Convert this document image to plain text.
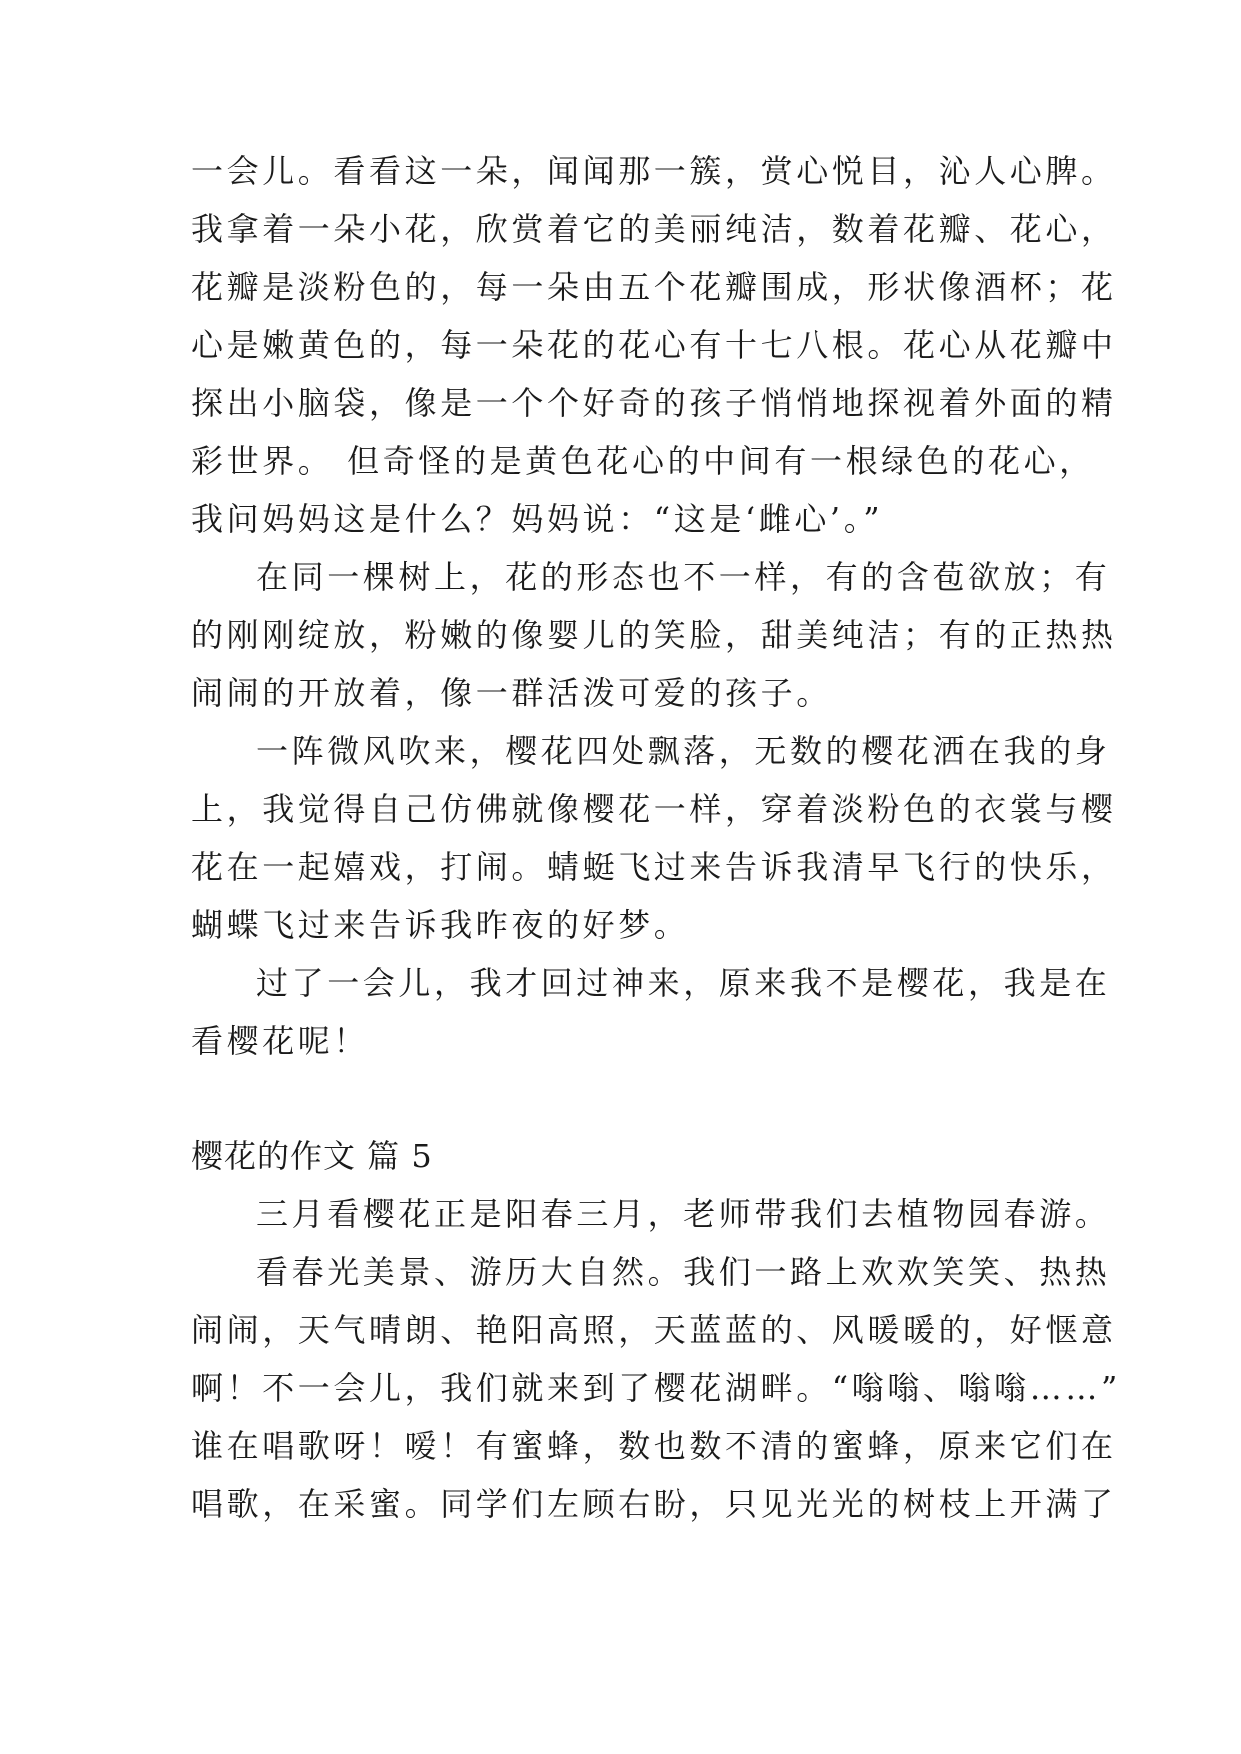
一会儿。看看这一朵，闻闻那一簇，赏心悦目，沁人心脾。
我拿着一朵小花，欣赏着它的美丽纯洁，数着花瓣、花心，
花瓣是淡粉色的，每一朵由五个花瓣围成，形状像酒杯；花
心是嫩黄色的，每一朵花的花心有十七八根。花心从花瓣中
探出小脑袋，像是一个个好奇的孩子悄悄地探视着外面的精
彩世界。 但奇怪的是黄色花心的中间有一根绿色的花心，
我问妈妈这是什么？妈妈说：“这是‘雌心’。”
在同一棵树上，花的形态也不一样，有的含苞欲放；有
的刚刚绽放，粉嫩的像婴儿的笑脸，甜美纯洁；有的正热热
闹闹的开放着，像一群活泼可爱的孩子。
一阵微风吹来，樱花四处飘落，无数的樱花洒在我的身
上，我觉得自己仿佛就像樱花一样，穿着淡粉色的衣裳与樱
花在一起嬉戏，打闹。蜻蜓飞过来告诉我清早飞行的快乐，
蝴蝶飞过来告诉我昨夜的好梦。
过了一会儿，我才回过神来，原来我不是樱花，我是在
看樱花呢！
樱花的作文 篇 5
三月看樱花正是阳春三月，老师带我们去植物园春游。
看春光美景、游历大自然。我们一路上欢欢笑笑、热热
闹闹，天气晴朗、艳阳高照，天蓝蓝的、风暖暖的，好惬意
啊！不一会儿，我们就来到了樱花湖畔。“嗡嗡、嗡嗡……”
谁在唱歌呀！嗳！有蜜蜂，数也数不清的蜜蜂，原来它们在
唱歌，在采蜜。同学们左顾右盼，只见光光的树枝上开满了
